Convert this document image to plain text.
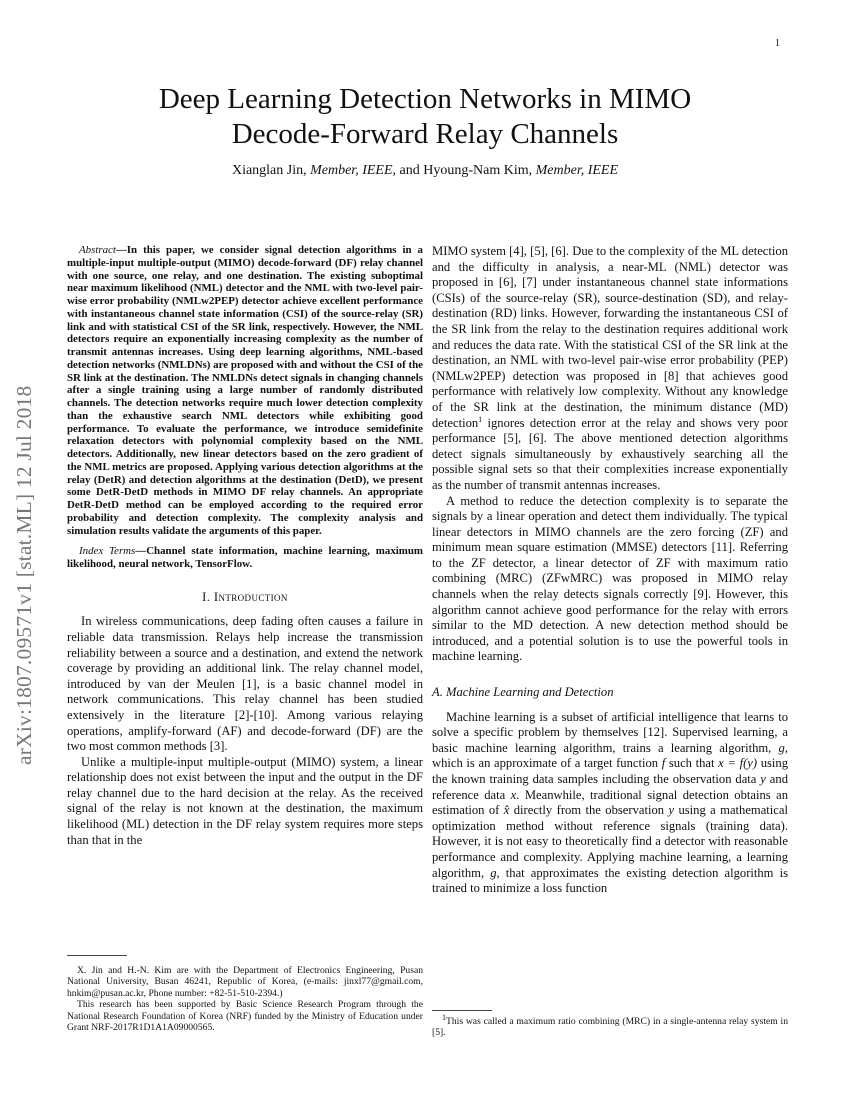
1
arXiv:1807.09571v1 [stat.ML] 12 Jul 2018
Deep Learning Detection Networks in MIMO
Decode-Forward Relay Channels
Xianglan Jin, Member, IEEE, and Hyoung-Nam Kim, Member, IEEE
Abstract—In this paper, we consider signal detection algorithms in a multiple-input multiple-output (MIMO) decode-forward (DF) relay channel with one source, one relay, and one destination. The existing suboptimal near maximum likelihood (NML) detector and the NML with two-level pair-wise error probability (NMLw2PEP) detector achieve excellent performance with instantaneous channel state information (CSI) of the source-relay (SR) link and with statistical CSI of the SR link, respectively. However, the NML detectors require an exponentially increasing complexity as the number of transmit antennas increases. Using deep learning algorithms, NML-based detection networks (NMLDNs) are proposed with and without the CSI of the SR link at the destination. The NMLDNs detect signals in changing channels after a single training using a large number of randomly distributed channels. The detection networks require much lower detection complexity than the exhaustive search NML detectors while exhibiting good performance. To evaluate the performance, we introduce semidefinite relaxation detectors with polynomial complexity based on the NML detectors. Additionally, new linear detectors based on the zero gradient of the NML metrics are proposed. Applying various detection algorithms at the relay (DetR) and detection algorithms at the destination (DetD), we present some DetR-DetD methods in MIMO DF relay channels. An appropriate DetR-DetD method can be employed according to the required error probability and detection complexity. The complexity analysis and simulation results validate the arguments of this paper.
Index Terms—Channel state information, machine learning, maximum likelihood, neural network, TensorFlow.
I. Introduction

In wireless communications, deep fading often causes a failure in reliable data transmission. Relays help increase the transmission reliability between a source and a destination, and extend the network coverage by providing an additional link. The relay channel model, introduced by van der Meulen [1], is a basic channel model in network communications. This relay channel has been studied extensively in the literature [2]-[10]. Among various relaying operations, amplify-forward (AF) and decode-forward (DF) are the two most common methods [3].

Unlike a multiple-input multiple-output (MIMO) system, a linear relationship does not exist between the input and the output in the DF relay channel due to the hard decision at the relay. As the received signal of the relay is not known at the destination, the maximum likelihood (ML) detection in the DF relay system requires more steps than that in the

X. Jin and H.-N. Kim are with the Department of Electronics Engineering, Pusan National University, Busan 46241, Republic of Korea, (e-mails: jinxl77@gmail.com, hnkim@pusan.ac.kr, Phone number: +82-51-510-2394.)

This research has been supported by Basic Science Research Program through the National Research Foundation of Korea (NRF) funded by the Ministry of Education under Grant NRF-2017R1D1A1A09000565.

MIMO system [4], [5], [6]. Due to the complexity of the ML detection and the difficulty in analysis, a near-ML (NML) detector was proposed in [6], [7] under instantaneous channel state informations (CSIs) of the source-relay (SR), source-destination (SD), and relay-destination (RD) links. However, forwarding the instantaneous CSI of the SR link from the relay to the destination requires additional work and reduces the data rate. With the statistical CSI of the SR link at the destination, an NML with two-level pair-wise error probability (PEP) (NMLw2PEP) detection was proposed in [8] that achieves good performance with relatively low complexity. Without any knowledge of the SR link at the destination, the minimum distance (MD) detection$^1$ ignores detection error at the relay and shows very poor performance [5], [6]. The above mentioned detection algorithms detect signals simultaneously by exhaustively searching all the possible signal sets so that their complexities increase exponentially as the number of transmit antennas increases.

A method to reduce the detection complexity is to separate the signals by a linear operation and detect them individually. The typical linear detectors in MIMO channels are the zero forcing (ZF) and minimum mean square estimation (MMSE) detectors [11]. Referring to the ZF detector, a linear detector of ZF with maximum ratio combining (MRC) (ZFwMRC) was proposed in MIMO relay channels when the relay detects signals correctly [9]. However, this algorithm cannot achieve good performance for the relay with errors similar to the MD detection. A new detection method should be introduced, and a potential solution is to use the powerful tools in machine learning.

A. Machine Learning and Detection

Machine learning is a subset of artificial intelligence that learns to solve a specific problem by themselves [12]. Supervised learning, a basic machine learning algorithm, trains a learning algorithm, g, which is an approximate of a target function f such that x = f(y) using the known training data samples including the observation data y and reference data x. Meanwhile, traditional signal detection obtains an estimation of x̂ directly from the observation y using a mathematical optimization method without reference signals (training data). However, it is not easy to theoretically find a detector with reasonable performance and complexity. Applying machine learning, a learning algorithm, g, that approximates the existing detection algorithm is trained to minimize a loss function

$^1$This was called a maximum ratio combining (MRC) in a single-antenna relay system in [5].
